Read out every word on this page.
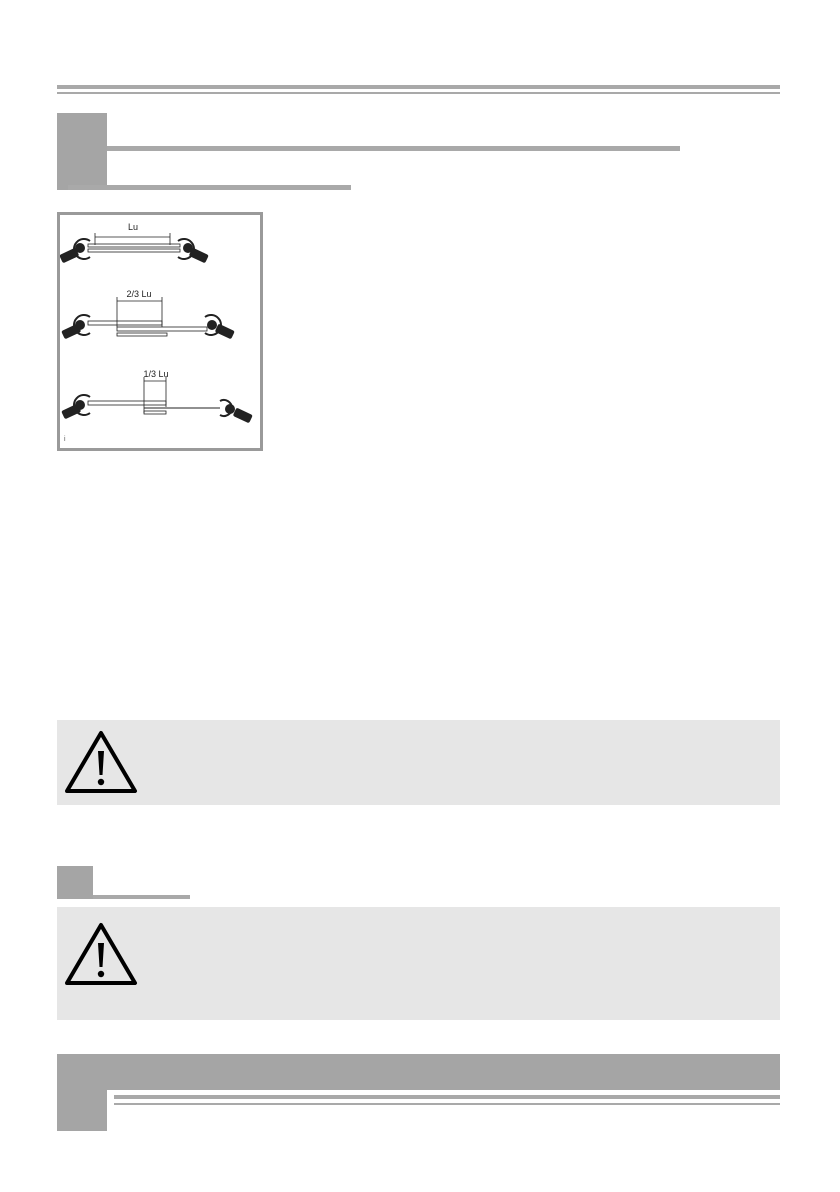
Lu
2/3 Lu
1/3 Lu
i
